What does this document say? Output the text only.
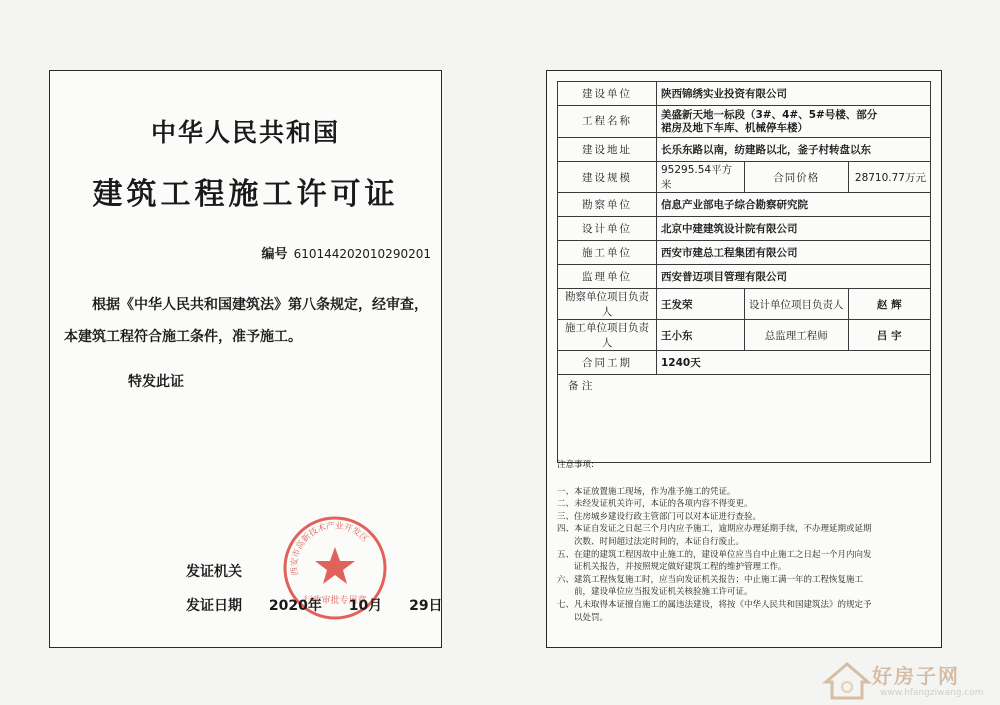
中华人民共和国
建筑工程施工许可证
编号 610144202010290201
根据《中华人民共和国建筑法》第八条规定，经审查，
本建筑工程符合施工条件，准予施工。
特发此证
西安市高新技术产业开发区
行政审批专用章
发证机关
发证日期 2020年 10月 29日
建设单位	陕西锦绣实业投资有限公司		
工程名称	美盛新天地一标段（3#、4#、5#号楼、部分
裙房及地下车库、机械停车楼）		

建设地址	长乐东路以南，纺建路以北，釜子村转盘以东		
建设规模	95295.54平方米	合同价格	28710.77万元
勘察单位	信息产业部电子综合勘察研究院		
设计单位	北京中建建筑设计院有限公司		
施工单位	西安市建总工程集团有限公司		
监理单位	西安普迈项目管理有限公司		
勘察单位项目负责人	王发荣	设计单位项目负责人	赵 辉
施工单位项目负责人	王小东	总监理工程师	吕 宇
合同工期	1240天		
备 注			
注意事项:

一、本证放置施工现场，作为准予施工的凭证。

二、未经发证机关许可，本证的各项内容不得变更。

三、住房城乡建设行政主管部门可以对本证进行查验。

四、本证自发证之日起三个月内应予施工，逾期应办理延期手续，不办理延期或延期

　　次数、时间超过法定时间的，本证自行废止。

五、在建的建筑工程因故中止施工的，建设单位应当自中止施工之日起一个月内向发

　　证机关报告，并按照规定做好建筑工程的维护管理工作。

六、建筑工程恢复施工时，应当向发证机关报告；中止施工满一年的工程恢复施工

　　前，建设单位应当报发证机关核验施工许可证。

七、凡未取得本证擅自施工的属违法建设，将按《中华人民共和国建筑法》的规定予

　　以处罚。

好房子网
www.hfangziwang.com
